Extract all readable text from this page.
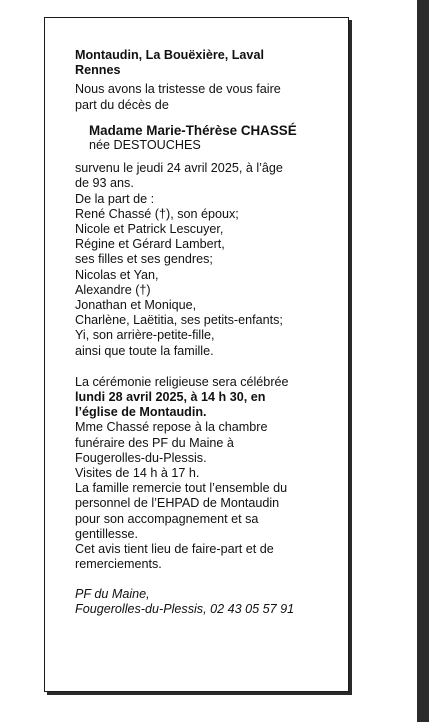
Montaudin, La Bouëxière, Laval
Rennes
Nous avons la tristesse de vous faire
part du décès de
Madame Marie-Thérèse CHASSÉ
née DESTOUCHES
survenu le jeudi 24 avril 2025, à l’âge
de 93 ans.
De la part de :
René Chassé (†), son époux;
Nicole et Patrick Lescuyer,
Régine et Gérard Lambert,
ses filles et ses gendres;
Nicolas et Yan,
Alexandre (†)
Jonathan et Monique,
Charlène, Laëtitia, ses petits-enfants;
Yi, son arrière-petite-fille,
ainsi que toute la famille.
La cérémonie religieuse sera célébrée
lundi 28 avril 2025, à 14 h 30, en
l’église de Montaudin.
Mme Chassé repose à la chambre
funéraire des PF du Maine à
Fougerolles-du-Plessis.
Visites de 14 h à 17 h.
La famille remercie tout l’ensemble du
personnel de l’EHPAD de Montaudin
pour son accompagnement et sa
gentillesse.
Cet avis tient lieu de faire-part et de
remerciements.
PF du Maine,
Fougerolles-du-Plessis, 02 43 05 57 91
